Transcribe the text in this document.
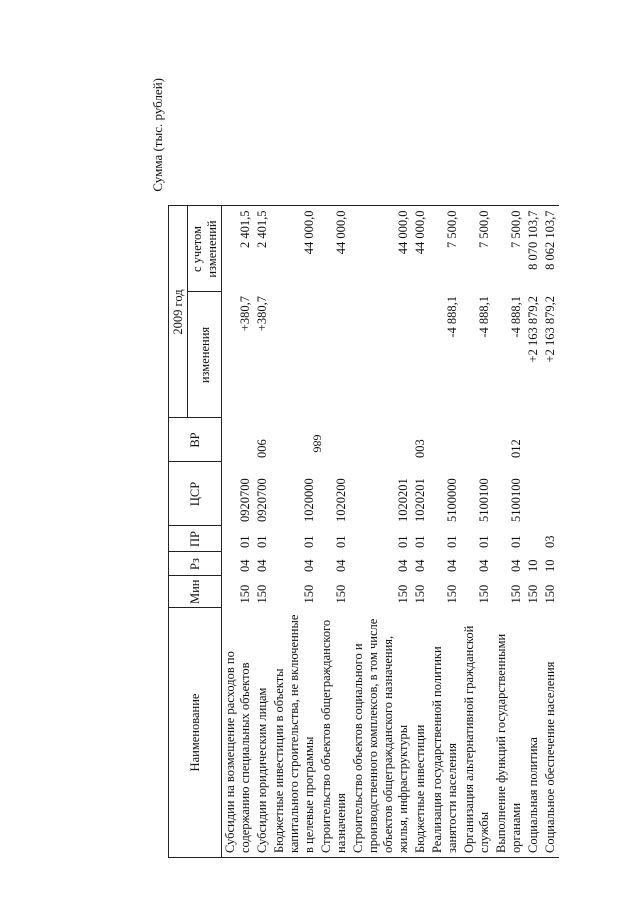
686
Сумма (тыс. рублей)
Наименование	Мин	Рз	ПР	ЦСР	ВР	2009 год	
						изменения	с учетом изменений
Субсидии на возмещение расходов по содержанию специальных объектов	150	04	01	0920700		+380,7	2 401,5
Субсидии юридическим лицам	150	04	01	0920700	006	+380,7	2 401,5
Бюджетные инвестиции в объекты капитального строительства, не включенные в целевые программы	150	04	01	1020000			44 000,0
Строительство объектов общегражданского назначения	150	04	01	1020200			44 000,0
Строительство объектов социального и производственного комплексов, в том числе объектов общегражданского назначения, жилья, инфраструктуры	150	04	01	1020201			44 000,0
Бюджетные инвестиции	150	04	01	1020201	003		44 000,0
Реализация государственной политики занятости населения	150	04	01	5100000		-4 888,1	7 500,0
Организация альтернативной гражданской службы	150	04	01	5100100		-4 888,1	7 500,0
Выполнение функций государственными органами	150	04	01	5100100	012	-4 888,1	7 500,0
Социальная политика	150	10				+2 163 879,2	8 070 103,7
Социальное обеспечение населения	150	10	03			+2 163 879,2	8 062 103,7
